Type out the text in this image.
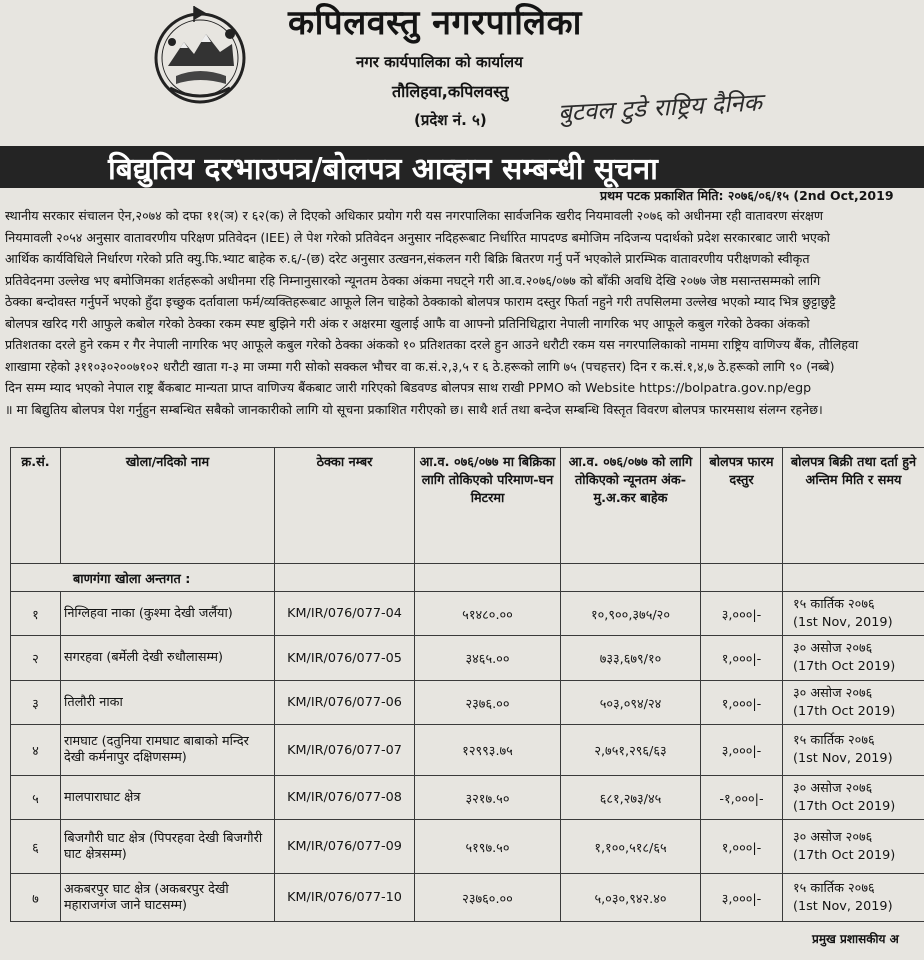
कपिलवस्तु नगरपालिका
नगर कार्यपालिका को कार्यालय
तौलिहवा,कपिलवस्तु
(प्रदेश नं. ५)	बुटवल टुडे राष्ट्रिय दैनिक
बिद्युतिय दरभाउपत्र/बोलपत्र आव्हान सम्बन्धी सूचना
प्रथम पटक प्रकाशित मिति: २०७६/०६/१५ (2nd Oct,2019
स्थानीय सरकार संचालन ऐन,२०७४ को दफा ११(ञ) र ६२(क) ले दिएको अधिकार प्रयोग गरी यस नगरपालिका सार्वजनिक खरीद नियमावली २०७६ को अधीनमा रही वातावरण संरक्षण
नियमावली २०५४ अनुसार वातावरणीय परिक्षण प्रतिवेदन (IEE) ले पेश गरेको प्रतिवेदन अनुसार नदिहरूबाट निर्धारित मापदण्ड बमोजिम नदिजन्य पदार्थको प्रदेश सरकारबाट जारी भएको
आर्थिक कार्यविधिले निर्धारण गरेको प्रति क्यु.फि.भ्याट बाहेक रु.६/-(छ) दरेट अनुसार उत्खनन,संकलन गरी बिक्रि बितरण गर्नु पर्ने भएकोले प्रारम्भिक वातावरणीय परीक्षणको स्वीकृत
प्रतिवेदनमा उल्लेख भए बमोजिमका शर्तहरूको अधीनमा रहि निम्नानुसारको न्यूनतम ठेक्का अंकमा नघट्ने गरी आ.व.२०७६/०७७ को बाँकी अवधि देखि २०७७ जेष्ठ मसान्तसम्मको लागि
ठेक्का बन्दोवस्त गर्नुपर्ने भएकाे हुँदा इच्छुक दर्तावाला फर्म/व्यक्तिहरूबाट आफूले लिन चाहेको ठेक्काको बोलपत्र फाराम दस्तुर फिर्ता नहुने गरी तपसिलमा उल्लेख भएको म्याद भित्र छुट्टाछुट्टै
बोलपत्र खरिद गरी आफुले कबोल गरेको ठेक्का रकम स्पष्ट बुझिने गरी अंक र अक्षरमा खुलाई आफै वा आफ्नो प्रतिनिधिद्वारा नेपाली नागरिक भए आफूले कबुल गरेको ठेक्का अंकको
प्रतिशतका दरले हुने रकम र गैर नेपाली नागरिक भए आफूले कबुल गरेको ठेक्का अंकको १० प्रतिशतका दरले हुन आउने धरौटी रकम यस नगरपालिकाको नाममा राष्ट्रिय वाणिज्य बैंक, तौलिहवा
शाखामा रहेको ३११०३०२००७१०२ धरौटी खाता ग-३ मा जम्मा गरी सोको सक्कल भौचर वा क.सं.२,३,५ र ६ ठे.हरूको लागि ७५ (पचहत्तर) दिन र क.सं.१,४,७ ठे.हरूको लागि ९० (नब्बे)
दिन सम्म म्याद भएको नेपाल राष्ट्र बैंकबाट मान्यता प्राप्त वाणिज्य बैंकबाट जारी गरिएको बिडवण्ड बोलपत्र साथ राखी PPMO को Website https://bolpatra.gov.np/egp
॥ मा बिद्युतिय बोलपत्र पेश गर्नुहुन सम्बन्धित सबैको जानकारीको लागि यो सूचना प्रकाशित गरीएको छ। साथै शर्त तथा बन्देज सम्बन्धि विस्तृत विवरण बोलपत्र फारमसाथ संलग्न रहनेछ।
क्र.सं.	खोला/नदिको नाम	ठेक्का नम्बर	आ.व. ०७६/०७७ मा बिक्रिका लागि तोकिएको परिमाण-घन मिटरमा	आ.व. ०७६/०७७ को लागि तोकिएको न्यूनतम अंक-मु.अ.कर बाहेक	बोलपत्र फारम दस्तुर	बोलपत्र बिक्री तथा दर्ता हुने अन्तिम मिति र समय
बाणगंगा खोला अन्तगत :						
१	निग्लिहवा नाका (कुश्मा देखी जर्लैया)	KM/IR/076/077-04	५१४८०.००	१०,९००,३७५/२०	३,०००|-	१५ कार्तिक २०७६
(1st Nov, 2019)

२	सगरहवा (बर्मेली देखी रुधौलासम्म)	KM/IR/076/077-05	३४६५.००	७३३,६७९/१०	१,०००|-	३० असोज २०७६
(17th Oct 2019)

३	तिलौरी नाका	KM/IR/076/077-06	२३७६.००	५०३,०९४/२४	१,०००|-	३० असोज २०७६
(17th Oct 2019)

४	रामघाट (दतुनिया रामघाट बाबाको मन्दिर देखी कर्मनापुर दक्षिणसम्म)	KM/IR/076/077-07	१२९९३.७५	२,७५१,२९६/६३	३,०००|-	१५ कार्तिक २०७६
(1st Nov, 2019)

५	मालपाराघाट क्षेत्र	KM/IR/076/077-08	३२१७.५०	६८१,२७३/४५	-१,०००|-	३० असोज २०७६
(17th Oct 2019)

६	बिजगौरी घाट क्षेत्र (पिपरहवा देखी बिजगौरी घाट क्षेत्रसम्म)	KM/IR/076/077-09	५१९७.५०	१,१००,५१८/६५	१,०००|-	३० असोज २०७६
(17th Oct 2019)

७	अकबरपुर घाट क्षेत्र (अकबरपुर देखी महाराजगंज जाने घाटसम्म)	KM/IR/076/077-10	२३७६०.००	५,०३०,९४२.४०	३,०००|-	१५ कार्तिक २०७६
(1st Nov, 2019)
प्रमुख प्रशासकीय अ
